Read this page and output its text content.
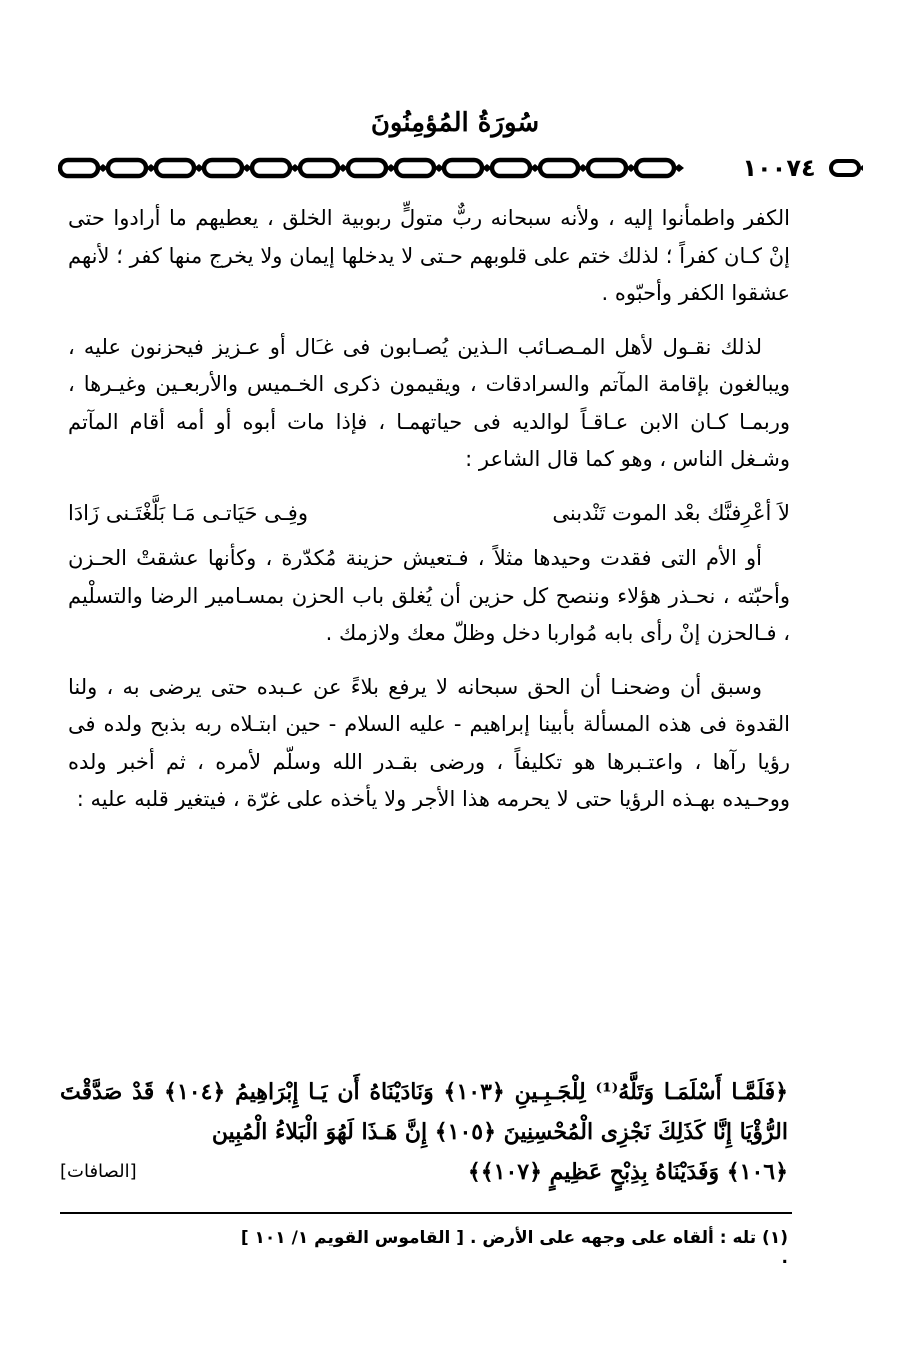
سُورَةُ المُؤمِنُونَ
١٠٠٧٤

الكفر واطمأنوا إليه ، ولأنه سبحانه ربٌّ متولٍّ ربوبية الخلق ، يعطيهم ما أرادوا حتى إنْ كـان كفراً ؛ لذلك ختم على قلوبهم حـتى لا يدخلها إيمان ولا يخرج منها كفر ؛ لأنهم عشقوا الكفر وأحبّوه .

لذلك نقـول لأهل المـصـائب الـذين يُصـابون فى غـَال أو عـزيز فيحزنون عليه ، ويبالغون بإقامة المآتم والسرادقات ، ويقيمون ذكرى الخـميس والأربعـين وغيـرها ، وربمـا كـان الابن عـاقـاً لوالديه فى حياتهمـا ، فإذا مات أبوه أو أمه أقام المآتم وشـغل الناس ، وهو كما قال الشاعر :

لاَ أعْرِفنَّك بعْد الموت تَنْدبنى
وفِـى حَيَاتـى مَـا بَلَّغْتَـنى زَادَا

أو الأم التى فقدت وحيدها مثلاً ، فـتعيش حزينة مُكدّرة ، وكأنها عشقتْ الحـزن وأحبّته ، نحـذر هؤلاء وننصح كل حزين أن يُغلق باب الحزن بمسـامير الرضا والتسلْيم ، فـالحزن إنْ رأى بابه مُواربا دخل وظلّ معك ولازمك .

وسبق أن وضحنـا أن الحق سبحانه لا يرفع بلاءً عن عـبده حتى يرضى به ، ولنا القدوة فى هذه المسألة بأبينا إبراهيم - عليه السلام - حين ابتـلاه ربه بذبح ولده فى رؤيا رآها ، واعتـبرها هو تكليفاً ، ورضى بقـدر الله وسلّم لأمره ، ثم أخبر ولده ووحـيده بهـذه الرؤيا حتى لا يحرمه هذا الأجر ولا يأخذه على غرّة ، فيتغير قلبه عليه :

﴿فَلَمَّـا أَسْلَمَـا وَتَلَّهُ⁽¹⁾ لِلْجَـبِـينِ ﴿١٠٣﴾ وَنَادَيْنَاهُ أَن يَـا إِبْرَاهِيمُ ﴿١٠٤﴾ قَدْ صَدَّقْتَ الرُّؤْيَا إِنَّا كَذَلِكَ نَجْزِى الْمُحْسِنِينَ ﴿١٠٥﴾ إِنَّ هَـذَا لَهُوَ الْبَلاءُ الْمُبِين

﴿١٠٦﴾ وَفَدَيْنَاهُ بِذِبْحٍ عَظِيمٍ ﴿١٠٧﴾﴾
[الصافات]

(١) تله : ألقاه على وجهه على الأرض . [ القاموس القويم ١/ ١٠١ ] .
